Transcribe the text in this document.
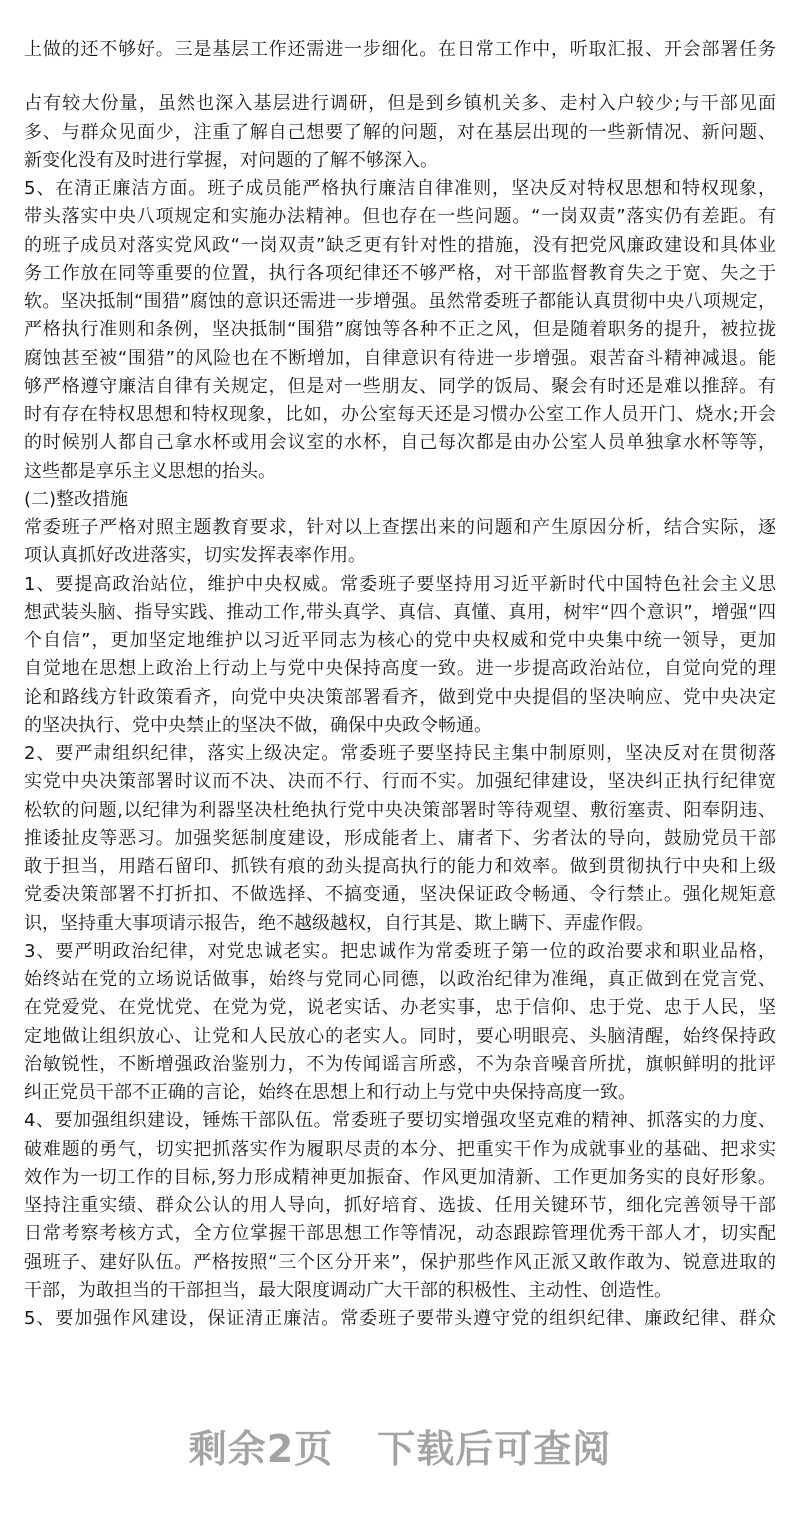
上做的还不够好。三是基层工作还需进一步细化。在日常工作中，听取汇报、开会部署任务
占有较大份量，虽然也深入基层进行调研，但是到乡镇机关多、走村入户较少;与干部见面
多、与群众见面少，注重了解自己想要了解的问题，对在基层出现的一些新情况、新问题、
新变化没有及时进行掌握，对问题的了解不够深入。
5、在清正廉洁方面。班子成员能严格执行廉洁自律准则，坚决反对特权思想和特权现象，
带头落实中央八项规定和实施办法精神。但也存在一些问题。“一岗双责”落实仍有差距。有
的班子成员对落实党风政“一岗双责”缺乏更有针对性的措施，没有把党风廉政建设和具体业
务工作放在同等重要的位置，执行各项纪律还不够严格，对干部监督教育失之于宽、失之于
软。坚决抵制“围猎”腐蚀的意识还需进一步增强。虽然常委班子都能认真贯彻中央八项规定，
严格执行准则和条例，坚决抵制“围猎”腐蚀等各种不正之风，但是随着职务的提升，被拉拢
腐蚀甚至被“围猎”的风险也在不断增加，自律意识有待进一步增强。艰苦奋斗精神减退。能
够严格遵守廉洁自律有关规定，但是对一些朋友、同学的饭局、聚会有时还是难以推辞。有
时有存在特权思想和特权现象，比如，办公室每天还是习惯办公室工作人员开门、烧水;开会
的时候别人都自己拿水杯或用会议室的水杯，自己每次都是由办公室人员单独拿水杯等等，
这些都是享乐主义思想的抬头。
(二)整改措施
常委班子严格对照主题教育要求，针对以上查摆出来的问题和产生原因分析，结合实际，逐
项认真抓好改进落实，切实发挥表率作用。
1、要提高政治站位，维护中央权威。常委班子要坚持用习近平新时代中国特色社会主义思
想武装头脑、指导实践、推动工作,带头真学、真信、真懂、真用，树牢“四个意识”，增强“四
个自信”，更加坚定地维护以习近平同志为核心的党中央权威和党中央集中统一领导，更加
自觉地在思想上政治上行动上与党中央保持高度一致。进一步提高政治站位，自觉向党的理
论和路线方针政策看齐，向党中央决策部署看齐，做到党中央提倡的坚决响应、党中央决定
的坚决执行、党中央禁止的坚决不做，确保中央政令畅通。
2、要严肃组织纪律，落实上级决定。常委班子要坚持民主集中制原则，坚决反对在贯彻落
实党中央决策部署时议而不决、决而不行、行而不实。加强纪律建设，坚决纠正执行纪律宽
松软的问题,以纪律为利器坚决杜绝执行党中央决策部署时等待观望、敷衍塞责、阳奉阴违、
推诿扯皮等恶习。加强奖惩制度建设，形成能者上、庸者下、劣者汰的导向，鼓励党员干部
敢于担当，用踏石留印、抓铁有痕的劲头提高执行的能力和效率。做到贯彻执行中央和上级
党委决策部署不打折扣、不做选择、不搞变通，坚决保证政令畅通、令行禁止。强化规矩意
识，坚持重大事项请示报告，绝不越级越权，自行其是、欺上瞒下、弄虚作假。
3、要严明政治纪律，对党忠诚老实。把忠诚作为常委班子第一位的政治要求和职业品格，
始终站在党的立场说话做事，始终与党同心同德，以政治纪律为准绳，真正做到在党言党、
在党爱党、在党忧党、在党为党，说老实话、办老实事，忠于信仰、忠于党、忠于人民，坚
定地做让组织放心、让党和人民放心的老实人。同时，要心明眼亮、头脑清醒，始终保持政
治敏锐性，不断增强政治鉴别力，不为传闻谣言所惑，不为杂音噪音所扰，旗帜鲜明的批评
纠正党员干部不正确的言论，始终在思想上和行动上与党中央保持高度一致。
4、要加强组织建设，锤炼干部队伍。常委班子要切实增强攻坚克难的精神、抓落实的力度、
破难题的勇气，切实把抓落实作为履职尽责的本分、把重实干作为成就事业的基础、把求实
效作为一切工作的目标,努力形成精神更加振奋、作风更加清新、工作更加务实的良好形象。
坚持注重实绩、群众公认的用人导向，抓好培育、选拔、任用关键环节，细化完善领导干部
日常考察考核方式，全方位掌握干部思想工作等情况，动态跟踪管理优秀干部人才，切实配
强班子、建好队伍。严格按照“三个区分开来”，保护那些作风正派又敢作敢为、锐意进取的
干部，为敢担当的干部担当，最大限度调动广大干部的积极性、主动性、创造性。
5、要加强作风建设，保证清正廉洁。常委班子要带头遵守党的组织纪律、廉政纪律、群众
剩余2页 下载后可查阅
